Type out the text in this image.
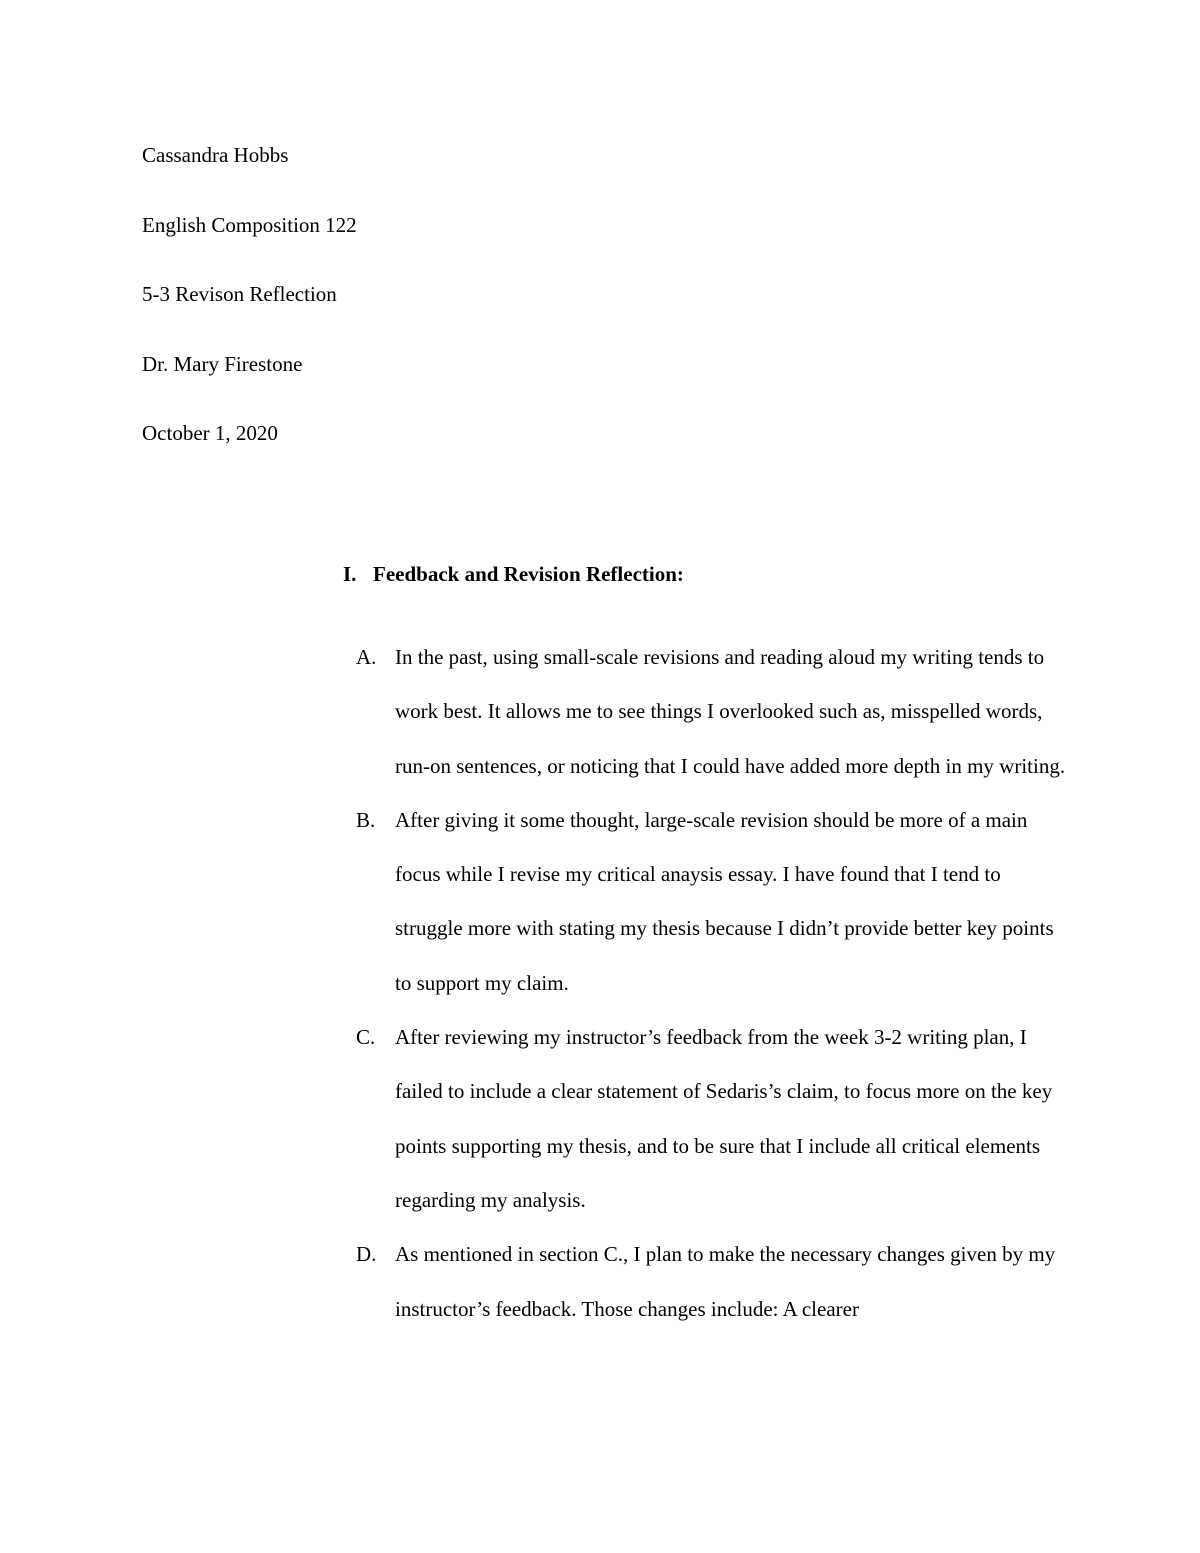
Cassandra Hobbs
English Composition 122
5-3 Revison Reflection
Dr. Mary Firestone
October 1, 2020
I. Feedback and Revision Reflection:
A. In the past, using small-scale revisions and reading aloud my writing tends to work best. It allows me to see things I overlooked such as, misspelled words, run-on sentences, or noticing that I could have added more depth in my writing.
B. After giving it some thought, large-scale revision should be more of a main focus while I revise my critical anaysis essay. I have found that I tend to struggle more with stating my thesis because I didn’t provide better key points to support my claim.
C. After reviewing my instructor’s feedback from the week 3-2 writing plan, I failed to include a clear statement of Sedaris’s claim, to focus more on the key points supporting my thesis, and to be sure that I include all critical elements regarding my analysis.
D. As mentioned in section C., I plan to make the necessary changes given by my instructor’s feedback. Those changes include: A clearer
